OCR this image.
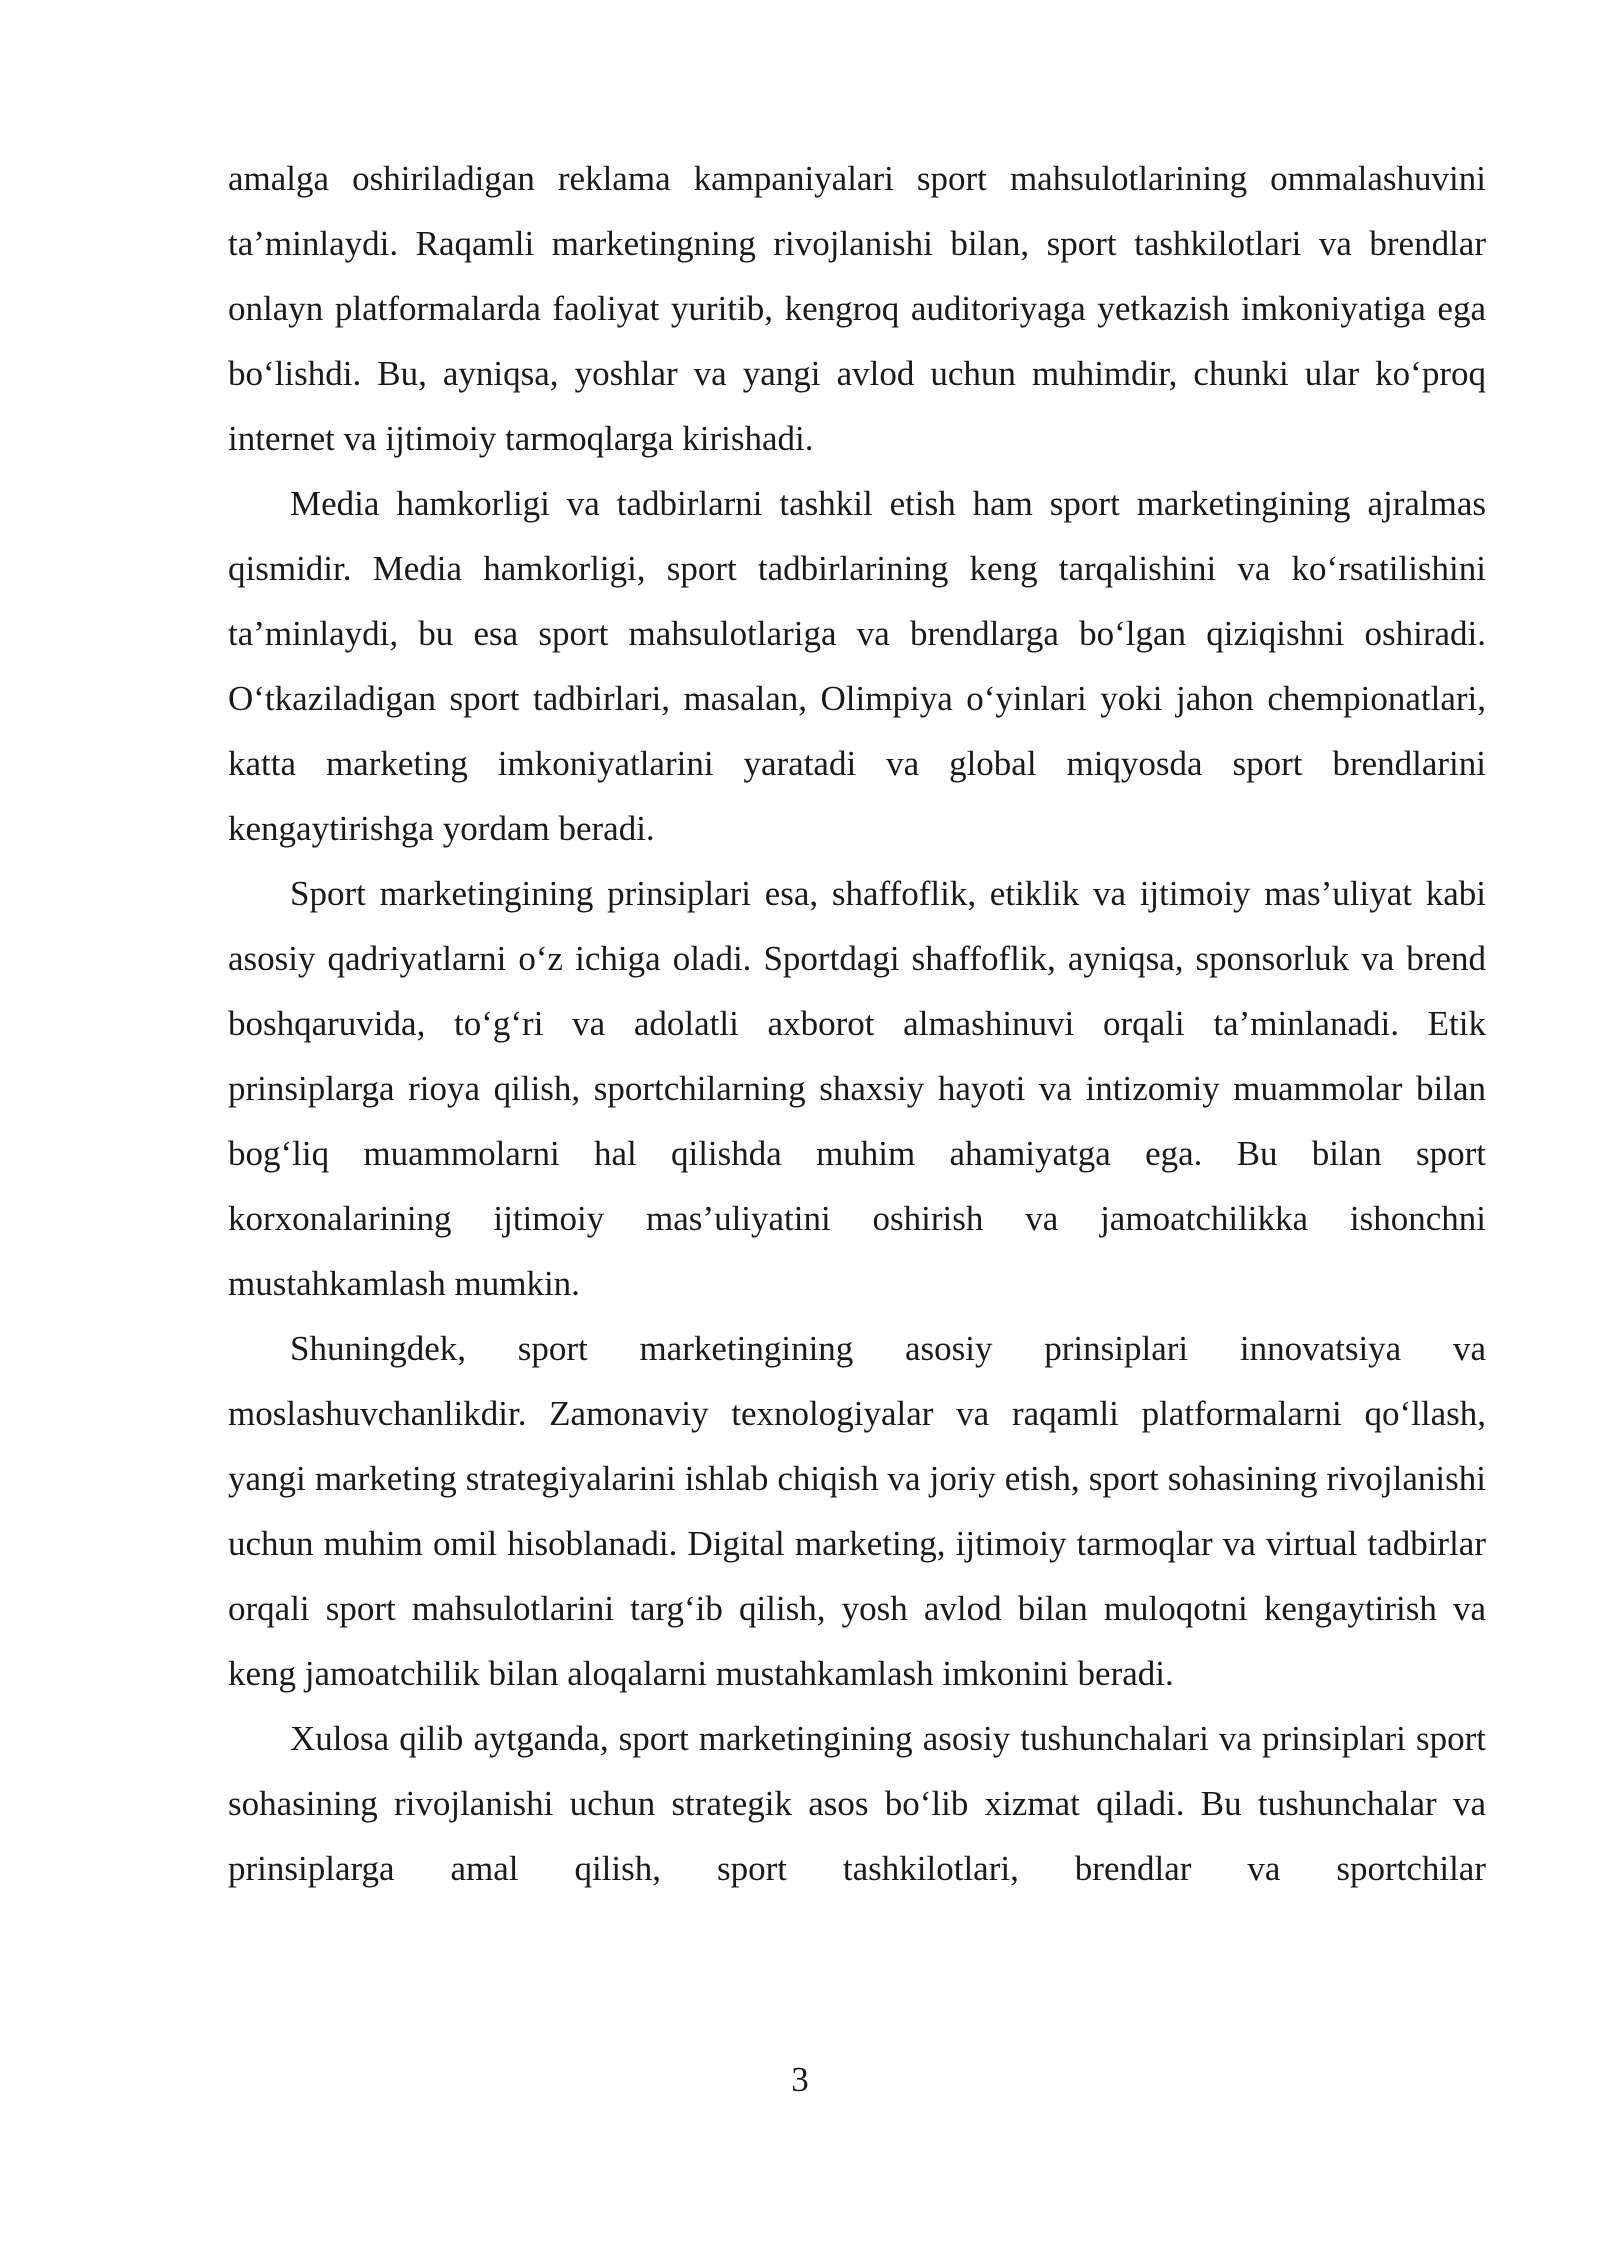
amalga oshiriladigan reklama kampaniyalari sport mahsulotlarining ommalashuvini ta’minlaydi. Raqamli marketingning rivojlanishi bilan, sport tashkilotlari va brendlar onlayn platformalarda faoliyat yuritib, kengroq auditoriyaga yetkazish imkoniyatiga ega bo‘lishdi. Bu, ayniqsa, yoshlar va yangi avlod uchun muhimdir, chunki ular ko‘proq internet va ijtimoiy tarmoqlarga kirishadi.

Media hamkorligi va tadbirlarni tashkil etish ham sport marketingining ajralmas qismidir. Media hamkorligi, sport tadbirlarining keng tarqalishini va ko‘rsatilishini ta’minlaydi, bu esa sport mahsulotlariga va brendlarga bo‘lgan qiziqishni oshiradi. O‘tkaziladigan sport tadbirlari, masalan, Olimpiya o‘yinlari yoki jahon chempionatlari, katta marketing imkoniyatlarini yaratadi va global miqyosda sport brendlarini kengaytirishga yordam beradi.

Sport marketingining prinsiplari esa, shaffoflik, etiklik va ijtimoiy mas’uliyat kabi asosiy qadriyatlarni o‘z ichiga oladi. Sportdagi shaffoflik, ayniqsa, sponsorluk va brend boshqaruvida, to‘g‘ri va adolatli axborot almashinuvi orqali ta’minlanadi. Etik prinsiplarga rioya qilish, sportchilarning shaxsiy hayoti va intizomiy muammolar bilan bog‘liq muammolarni hal qilishda muhim ahamiyatga ega. Bu bilan sport korxonalarining ijtimoiy mas’uliyatini oshirish va jamoatchilikka ishonchni mustahkamlash mumkin.

Shuningdek, sport marketingining asosiy prinsiplari innovatsiya va moslashuvchanlikdir. Zamonaviy texnologiyalar va raqamli platformalarni qo‘llash, yangi marketing strategiyalarini ishlab chiqish va joriy etish, sport sohasining rivojlanishi uchun muhim omil hisoblanadi. Digital marketing, ijtimoiy tarmoqlar va virtual tadbirlar orqali sport mahsulotlarini targ‘ib qilish, yosh avlod bilan muloqotni kengaytirish va keng jamoatchilik bilan aloqalarni mustahkamlash imkonini beradi.

Xulosa qilib aytganda, sport marketingining asosiy tushunchalari va prinsiplari sport sohasining rivojlanishi uchun strategik asos bo‘lib xizmat qiladi. Bu tushunchalar va prinsiplarga amal qilish, sport tashkilotlari, brendlar va sportchilar

3
